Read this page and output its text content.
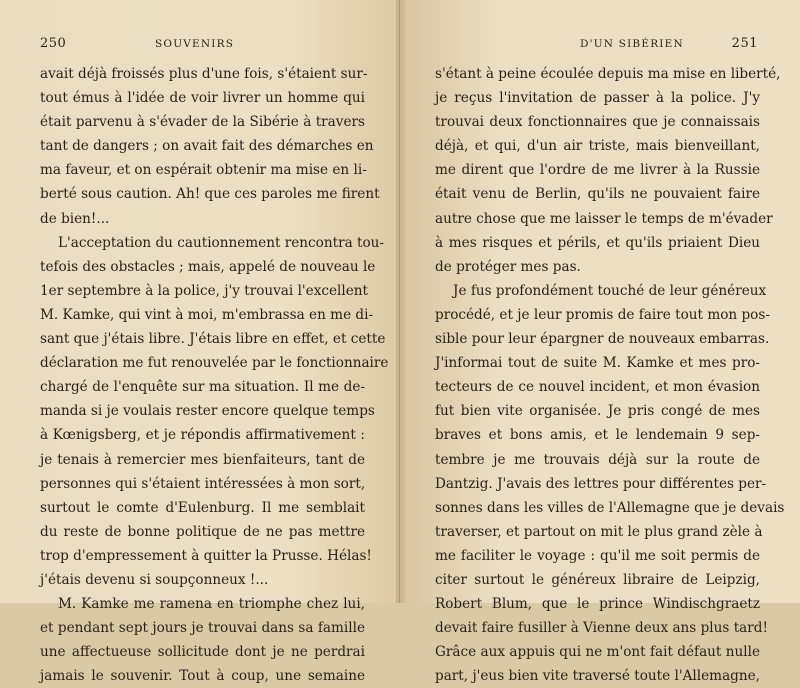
250	SOUVENIRS
avait déjà froissés plus d'une fois, s'étaient sur-
tout émus à l'idée de voir livrer un homme qui
était parvenu à s'évader de la Sibérie à travers
tant de dangers ; on avait fait des démarches en
ma faveur, et on espérait obtenir ma mise en li-
berté sous caution. Ah! que ces paroles me firent
de bien!...
L'acceptation du cautionnement rencontra tou-
tefois des obstacles ; mais, appelé de nouveau le
1er septembre à la police, j'y trouvai l'excellent
M. Kamke, qui vint à moi, m'embrassa en me di-
sant que j'étais libre. J'étais libre en effet, et cette
déclaration me fut renouvelée par le fonctionnaire
chargé de l'enquête sur ma situation. Il me de-
manda si je voulais rester encore quelque temps
à Kœnigsberg, et je répondis affirmativement :
je tenais à remercier mes bienfaiteurs, tant de
personnes qui s'étaient intéressées à mon sort,
surtout le comte d'Eulenburg. Il me semblait
du reste de bonne politique de ne pas mettre
trop d'empressement à quitter la Prusse. Hélas!
j'étais devenu si soupçonneux !...
M. Kamke me ramena en triomphe chez lui,
et pendant sept jours je trouvai dans sa famille
une affectueuse sollicitude dont je ne perdrai
jamais le souvenir. Tout à coup, une semaine
D'UN SIBÉRIEN	251
s'étant à peine écoulée depuis ma mise en liberté,
je reçus l'invitation de passer à la police. J'y
trouvai deux fonctionnaires que je connaissais
déjà, et qui, d'un air triste, mais bienveillant,
me dirent que l'ordre de me livrer à la Russie
était venu de Berlin, qu'ils ne pouvaient faire
autre chose que me laisser le temps de m'évader
à mes risques et périls, et qu'ils priaient Dieu
de protéger mes pas.
Je fus profondément touché de leur généreux
procédé, et je leur promis de faire tout mon pos-
sible pour leur épargner de nouveaux embarras.
J'informai tout de suite M. Kamke et mes pro-
tecteurs de ce nouvel incident, et mon évasion
fut bien vite organisée. Je pris congé de mes
braves et bons amis, et le lendemain 9 sep-
tembre je me trouvais déjà sur la route de
Dantzig. J'avais des lettres pour différentes per-
sonnes dans les villes de l'Allemagne que je devais
traverser, et partout on mit le plus grand zèle à
me faciliter le voyage : qu'il me soit permis de
citer surtout le généreux libraire de Leipzig,
Robert Blum, que le prince Windischgraetz
devait faire fusiller à Vienne deux ans plus tard!
Grâce aux appuis qui ne m'ont fait défaut nulle
part, j'eus bien vite traversé toute l'Allemagne,
